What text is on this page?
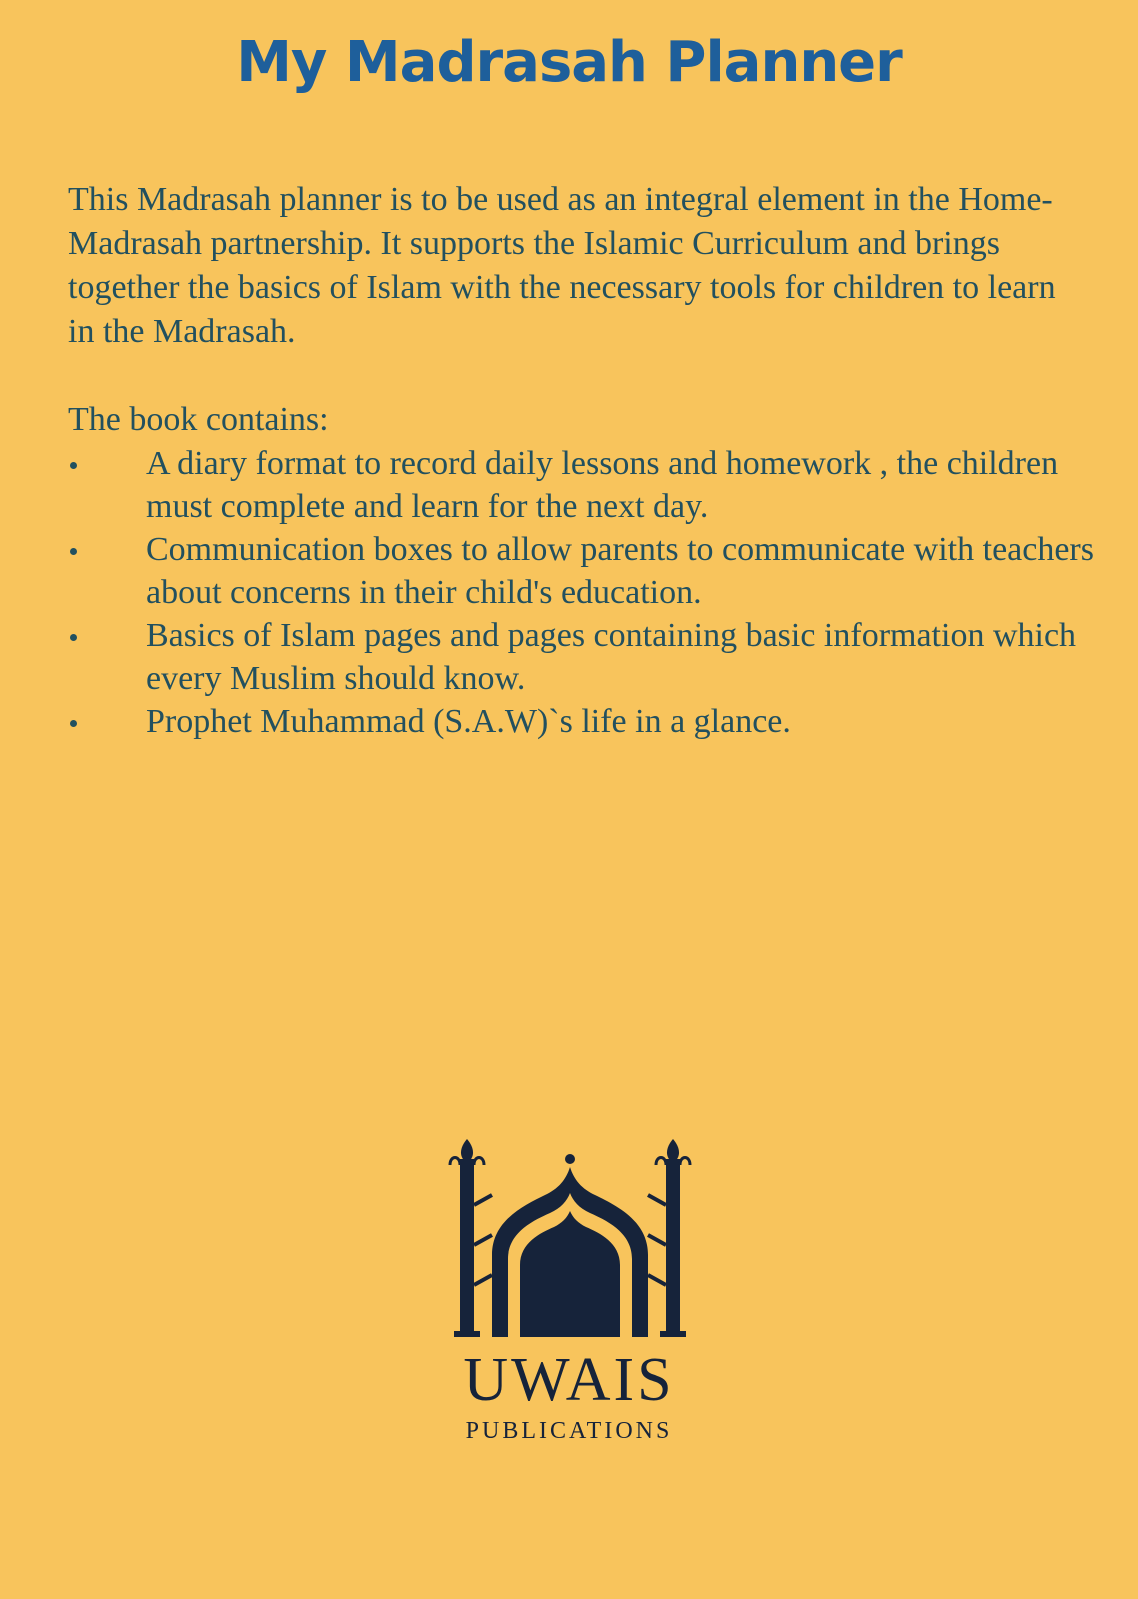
My Madrasah Planner

This Madrasah planner is to be used as an integral element in the Home-Madrasah partnership. It supports the Islamic Curriculum and brings together the basics of Islam with the necessary tools for children to learn in the Madrasah.

The book contains:
A diary format to record daily lessons and homework , the children must complete and learn for the next day.
Communication boxes to allow parents to communicate with teachers about concerns in their child's education.
Basics of Islam pages and pages containing basic information which every Muslim should know.
Prophet Muhammad (S.A.W)`s life in a glance.
UWAIS
PUBLICATIONS
